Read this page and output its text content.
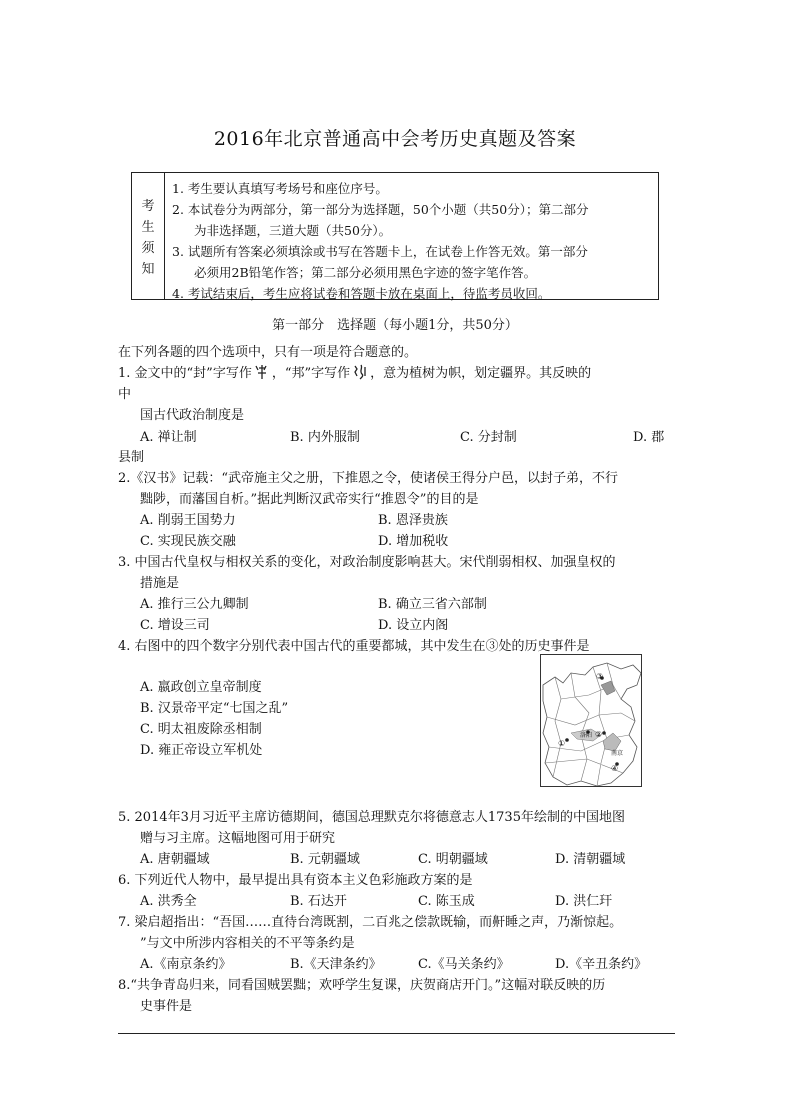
2016年北京普通高中会考历史真题及答案
考
生
须
知
1. 考生要认真填写考场号和座位序号。
2. 本试卷分为两部分，第一部分为选择题，50个小题（共50分）；第二部分
为非选择题，三道大题（共50分）。
3. 试题所有答案必须填涂或书写在答题卡上，在试卷上作答无效。第一部分
必须用2B铅笔作答；第二部分必须用黑色字迹的签字笔作答。
4. 考试结束后，考生应将试卷和答题卡放在桌面上，待监考员收回。
第一部分　选择题（每小题1分，共50分）
在下列各题的四个选项中，只有一项是符合题意的。
1. 金文中的“封”字写作 ，“邦”字写作 ，意为植树为帜，划定疆界。其反映的
中
国古代政治制度是
A. 禅让制	B. 内外服制	C. 分封制	D. 郡
县制
2.《汉书》记载：“武帝施主父之册，下推恩之令，使诸侯王得分户邑，以封子弟，不行
黜陟，而藩国自析。”据此判断汉武帝实行“推恩令”的目的是
A. 削弱王国势力	B. 恩泽贵族
C. 实现民族交融	D. 增加税收
3. 中国古代皇权与相权关系的变化，对政治制度影响甚大。宋代削弱相权、加强皇权的
措施是
A. 推行三公九卿制	B. 确立三省六部制
C. 增设三司	D. 设立内阁
4. 右图中的四个数字分别代表中国古代的重要都城，其中发生在③处的历史事件是
A. 嬴政创立皇帝制度
B. 汉景帝平定“七国之乱”
C. 明太祖废除丞相制
D. 雍正帝设立军机处
③
①
洛阳 ②
南京
④
5. 2014年3月习近平主席访德期间，德国总理默克尔将德意志人1735年绘制的中国地图
赠与习主席。这幅地图可用于研究
A. 唐朝疆域	B. 元朝疆域	C. 明朝疆域	D. 清朝疆域
6. 下列近代人物中，最早提出具有资本主义色彩施政方案的是
A. 洪秀全	B. 石达开	C. 陈玉成	D. 洪仁玕
7. 梁启超指出：“吾国……直待台湾既割，二百兆之偿款既输，而鼾睡之声，乃渐惊起。
”与文中所涉内容相关的不平等条约是
A.《南京条约》	B.《天津条约》	C.《马关条约》	D.《辛丑条约》
8.“共争青岛归来，同看国贼罢黜；欢呼学生复课，庆贺商店开门。”这幅对联反映的历
史事件是
